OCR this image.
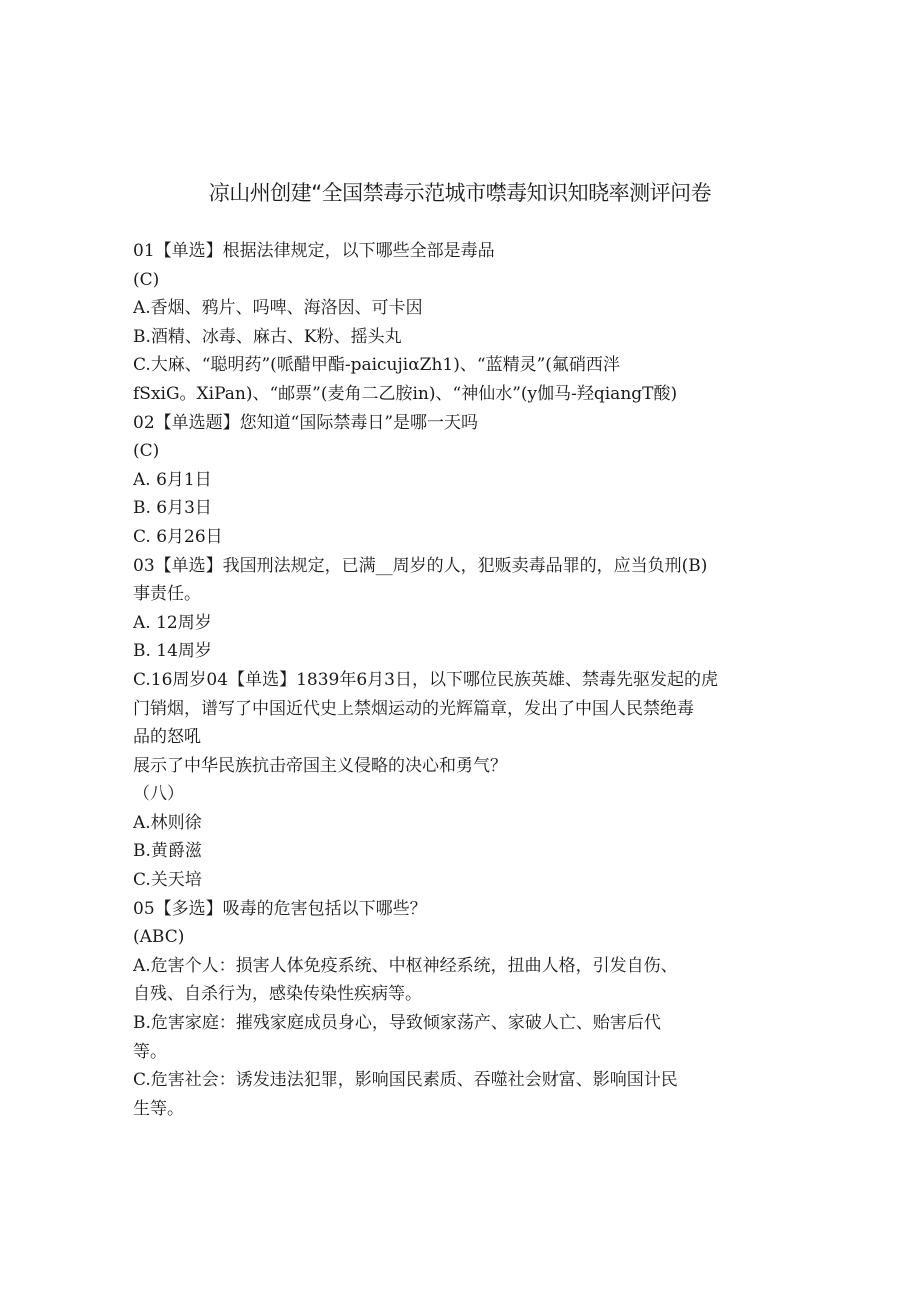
凉山州创建“全国禁毒示范城市噤毒知识知晓率测评问卷
01【单选】根据法律规定，以下哪些全部是毒品
(C)
A.香烟、鸦片、吗啤、海洛因、可卡因
B.酒精、冰毒、麻古、K粉、摇头丸
C.大麻、“聪明药”(哌醋甲酯-paicujiαZh1)、“蓝精灵”(氟硝西泮
fSxiG。XiPan)、“邮票”(麦角二乙胺in)、“神仙水”(y伽马-羟qiangT酸)
02【单选题】您知道“国际禁毒日”是哪一天吗
(C)
A. 6月1日
B. 6月3日
C. 6月26日
03【单选】我国刑法规定，已满__周岁的人，犯贩卖毒品罪的，应当负刑(B)
事责任。
A. 12周岁
B. 14周岁
C.16周岁04【单选】1839年6月3日，以下哪位民族英雄、禁毒先驱发起的虎
门销烟，谱写了中国近代史上禁烟运动的光辉篇章，发出了中国人民禁绝毒
品的怒吼
展示了中华民族抗击帝国主义侵略的决心和勇气？
（八）
A.林则徐
B.黄爵滋
C.关天培
05【多选】吸毒的危害包括以下哪些？
(ABC)
A.危害个人：损害人体免疫系统、中枢神经系统，扭曲人格，引发自伤、
自残、自杀行为，感染传染性疾病等。
B.危害家庭：摧残家庭成员身心，导致倾家荡产、家破人亡、贻害后代
等。
C.危害社会：诱发违法犯罪，影响国民素质、吞噬社会财富、影响国计民
生等。
